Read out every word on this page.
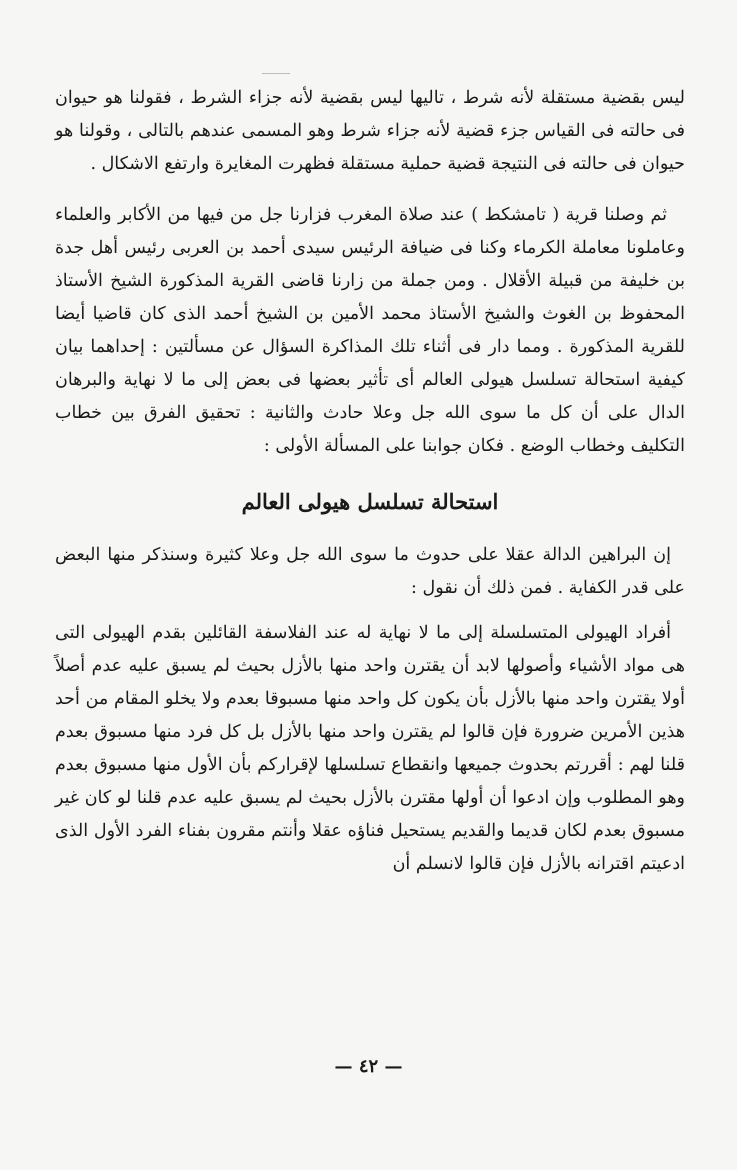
ليس بقضية مستقلة لأنه شرط ، تاليها ليس بقضية لأنه جزاء الشرط ، فقولنا هو حيوان فى حالته فى القياس جزء قضية لأنه جزاء شرط وهو المسمى عندهم بالتالى ، وقولنا هو حيوان فى حالته فى النتيجة قضية حملية مستقلة فظهرت المغايرة وارتفع الاشكال .

ثم وصلنا قرية ( تامشكط ) عند صلاة المغرب فزارنا جل من فيها من الأكابر والعلماء وعاملونا معاملة الكرماء وكنا فى ضيافة الرئيس سيدى أحمد بن العربى رئيس أهل جدة بن خليفة من قبيلة الأقلال . ومن جملة من زارنا قاضى القرية المذكورة الشيخ الأستاذ المحفوظ بن الغوث والشيخ الأستاذ محمد الأمين بن الشيخ أحمد الذى كان قاضيا أيضا للقرية المذكورة . ومما دار فى أثناء تلك المذاكرة السؤال عن مسألتين : إحداهما بيان كيفية استحالة تسلسل هيولى العالم أى تأثير بعضها فى بعض إلى ما لا نهاية والبرهان الدال على أن كل ما سوى الله جل وعلا حادث والثانية : تحقيق الفرق بين خطاب التكليف وخطاب الوضع . فكان جوابنا على المسألة الأولى :

استحالة تسلسل هيولى العالم

إن البراهين الدالة عقلا على حدوث ما سوى الله جل وعلا كثيرة وسنذكر منها البعض على قدر الكفاية . فمن ذلك أن نقول :

أفراد الهيولى المتسلسلة إلى ما لا نهاية له عند الفلاسفة القائلين بقدم الهيولى التى هى مواد الأشياء وأصولها لابد أن يقترن واحد منها بالأزل بحيث لم يسبق عليه عدم أصلاً أولا يقترن واحد منها بالأزل بأن يكون كل واحد منها مسبوقا بعدم ولا يخلو المقام من أحد هذين الأمرين ضرورة فإن قالوا لم يقترن واحد منها بالأزل بل كل فرد منها مسبوق بعدم قلنا لهم : أقررتم بحدوث جميعها وانقطاع تسلسلها لإقراركم بأن الأول منها مسبوق بعدم وهو المطلوب وإن ادعوا أن أولها مقترن بالأزل بحيث لم يسبق عليه عدم قلنا لو كان غير مسبوق بعدم لكان قديما والقديم يستحيل فناؤه عقلا وأنتم مقرون بفناء الفرد الأول الذى ادعيتم اقترانه بالأزل فإن قالوا لانسلم أن

— ٤٢ —
